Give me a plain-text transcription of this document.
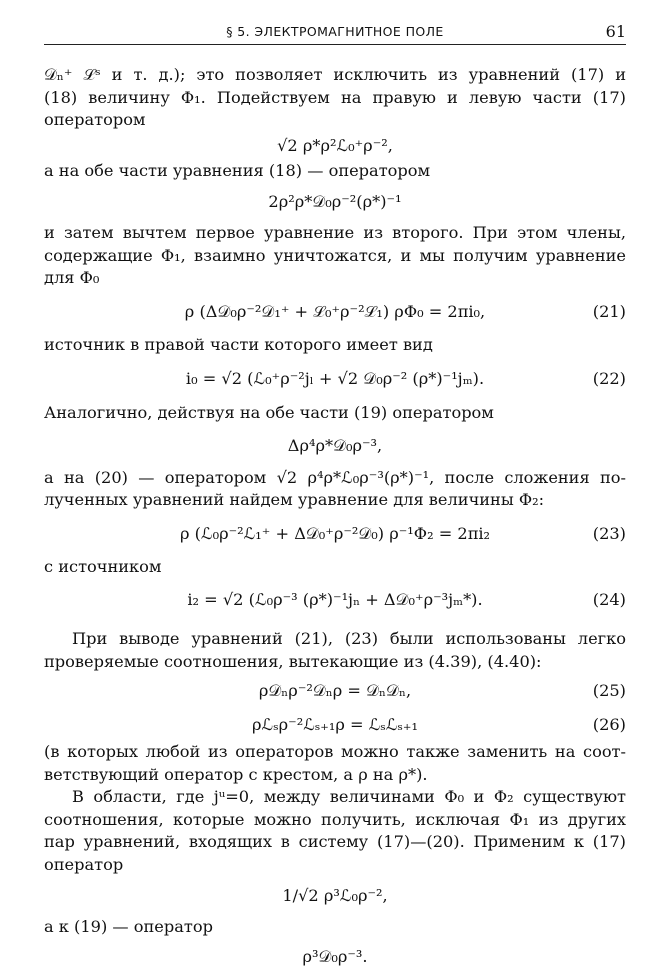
§ 5. ЭЛЕКТРОМАГНИТНОЕ ПОЛЕ	61
𝒟ₙ⁺ ℒˢ и т. д.); это позволяет исключить из уравнений (17) и
(18) величину Φ₁. Подействуем на правую и левую части (17)
оператором
√2 ρ*ρ²ℒ₀⁺ρ⁻²,
а на обе части уравнения (18) — оператором
2ρ²ρ*𝒟₀ρ⁻²(ρ*)⁻¹
и затем вычтем первое уравнение из второго. При этом члены,
содержащие Φ₁, взаимно уничтожатся, и мы получим уравнение
для Φ₀
ρ (Δ𝒟₀ρ⁻²𝒟₁⁺ + ℒ₀⁺ρ⁻²ℒ₁) ρΦ₀ = 2πi₀,	(21)
источник в правой части которого имеет вид
i₀ = √2 (ℒ₀⁺ρ⁻²jₗ + √2 𝒟₀ρ⁻² (ρ*)⁻¹jₘ).	(22)
Аналогично, действуя на обе части (19) оператором
Δρ⁴ρ*𝒟₀ρ⁻³,
а на (20) — оператором √2 ρ⁴ρ*ℒ₀ρ⁻³(ρ*)⁻¹, после сложения по-
лученных уравнений найдем уравнение для величины Φ₂:
ρ (ℒ₀ρ⁻²ℒ₁⁺ + Δ𝒟₀⁺ρ⁻²𝒟₀) ρ⁻¹Φ₂ = 2πi₂	(23)
с источником
i₂ = √2 (ℒ₀ρ⁻³ (ρ*)⁻¹jₙ + Δ𝒟₀⁺ρ⁻³jₘ*).	(24)
При выводе уравнений (21), (23) были использованы легко
проверяемые соотношения, вытекающие из (4.39), (4.40):
ρ𝒟ₙρ⁻²𝒟ₙρ = 𝒟ₙ𝒟ₙ,	(25)
ρℒₛρ⁻²ℒₛ₊₁ρ = ℒₛℒₛ₊₁	(26)
(в которых любой из операторов можно также заменить на соот-
ветствующий оператор с крестом, а ρ на ρ*).
В области, где jᵘ=0, между величинами Φ₀ и Φ₂ существуют
соотношения, которые можно получить, исключая Φ₁ из других
пар уравнений, входящих в систему (17)—(20). Применим к (17)
оператор
1/√2 ρ³ℒ₀ρ⁻²,
а к (19) — оператор
ρ³𝒟₀ρ⁻³.
